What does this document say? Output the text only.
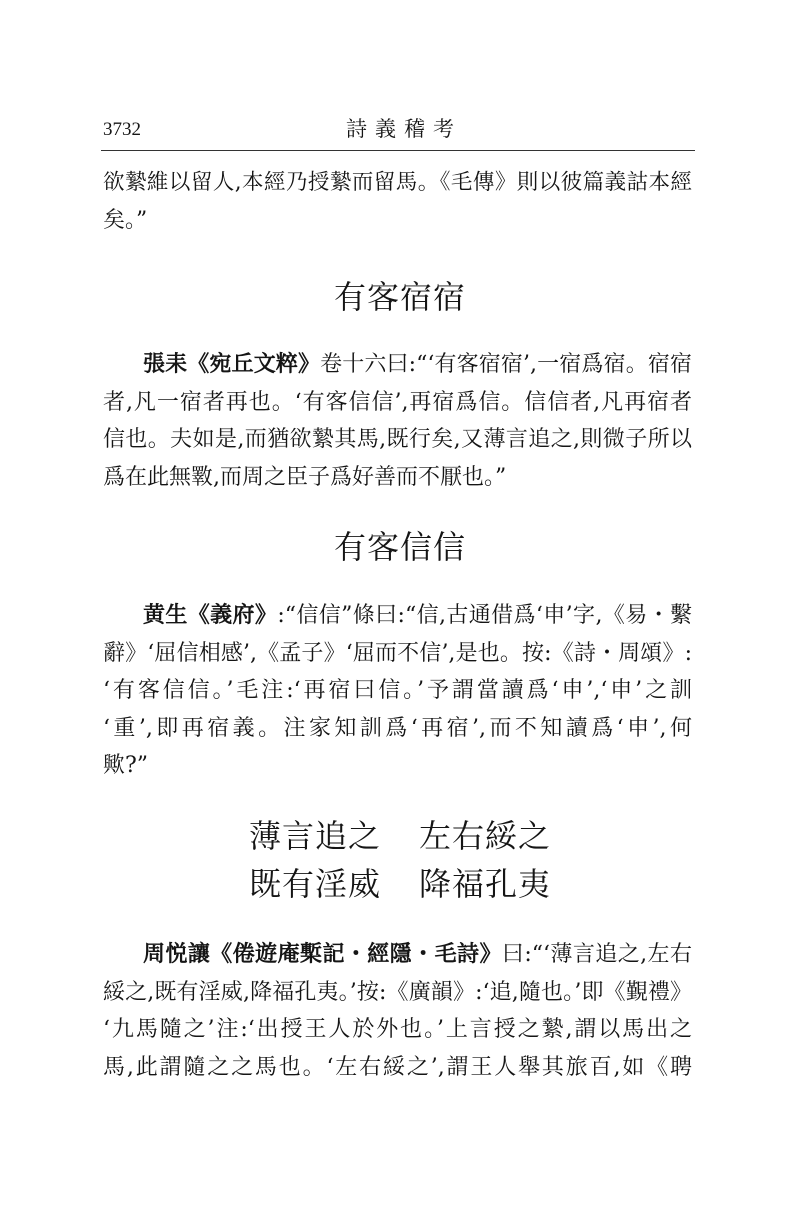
3732	詩義稽考
欲縶維以留人,本經乃授縶而留馬。《毛傳》則以彼篇義詁本經
矣。”
有客宿宿
張耒《宛丘文粹》卷十六曰:“‘有客宿宿’,一宿爲宿。宿宿
者,凡一宿者再也。‘有客信信’,再宿爲信。信信者,凡再宿者
信也。夫如是,而猶欲縶其馬,既行矣,又薄言追之,則微子所以
爲在此無斁,而周之臣子爲好善而不厭也。”
有客信信
黄生《義府》:“信信”條曰:“信,古通借爲‘申’字,《易・繫
辭》‘屈信相感’,《孟子》‘屈而不信’,是也。按:《詩・周頌》:
‘有客信信。’毛注:‘再宿曰信。’予謂當讀爲‘申’,‘申’之訓
‘重’,即再宿義。注家知訓爲‘再宿’,而不知讀爲‘申’,何
歟?”
薄言追之 左右綏之
既有淫威 降福孔夷
周悦讓《倦遊庵槧記・經隱・毛詩》曰:“‘薄言追之,左右
綏之,既有淫威,降福孔夷。’按:《廣韻》:‘追,隨也。’即《覲禮》
‘九馬隨之’注:‘出授王人於外也。’上言授之縶,謂以馬出之
馬,此謂隨之之馬也。‘左右綏之’,謂王人舉其旅百,如《聘
